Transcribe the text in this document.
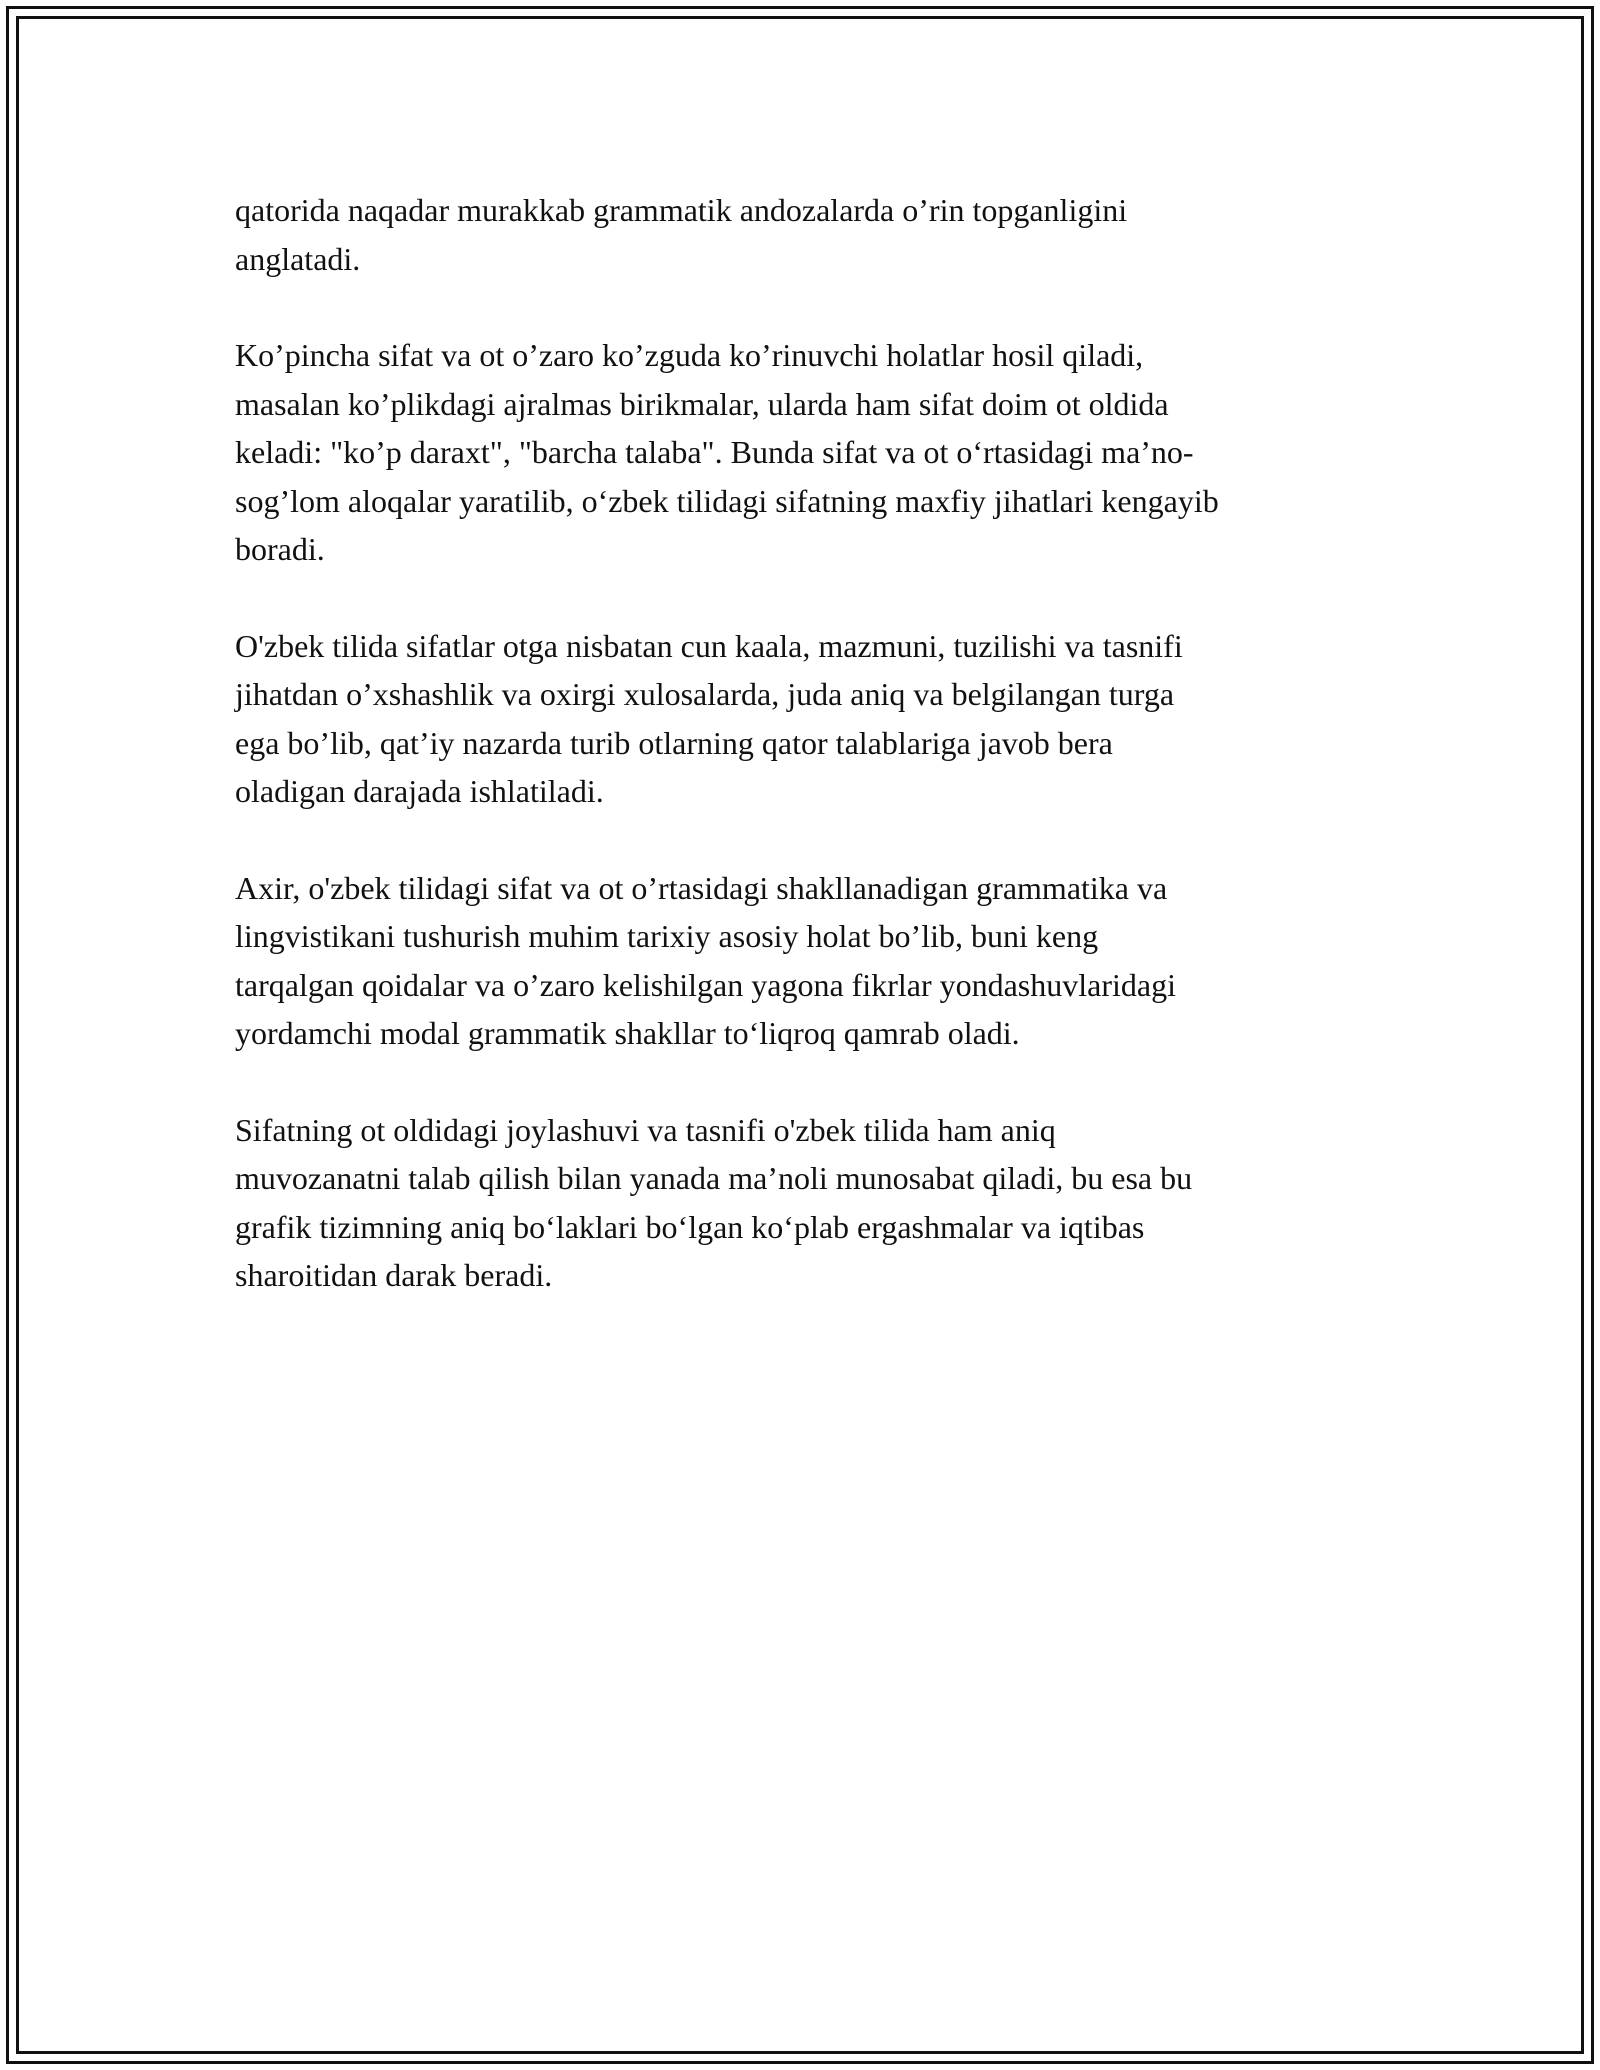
qatorida naqadar murakkab grammatik andozalarda o’rin topganligini
anglatadi.

Ko’pincha sifat va ot o’zaro ko’zguda ko’rinuvchi holatlar hosil qiladi,
masalan ko’plikdagi ajralmas birikmalar, ularda ham sifat doim ot oldida
keladi: "ko’p daraxt", "barcha talaba". Bunda sifat va ot o‘rtasidagi ma’no-
sog’lom aloqalar yaratilib, o‘zbek tilidagi sifatning maxfiy jihatlari kengayib
boradi.

O'zbek tilida sifatlar otga nisbatan cun kaala, mazmuni, tuzilishi va tasnifi
jihatdan o’xshashlik va oxirgi xulosalarda, juda aniq va belgilangan turga
ega bo’lib, qat’iy nazarda turib otlarning qator talablariga javob bera
oladigan darajada ishlatiladi.

Axir, o'zbek tilidagi sifat va ot o’rtasidagi shakllanadigan grammatika va
lingvistikani tushurish muhim tarixiy asosiy holat bo’lib, buni keng
tarqalgan qoidalar va o’zaro kelishilgan yagona fikrlar yondashuvlaridagi
yordamchi modal grammatik shakllar to‘liqroq qamrab oladi.

Sifatning ot oldidagi joylashuvi va tasnifi o'zbek tilida ham aniq
muvozanatni talab qilish bilan yanada ma’noli munosabat qiladi, bu esa bu
grafik tizimning aniq bo‘laklari bo‘lgan ko‘plab ergashmalar va iqtibas
sharoitidan darak beradi.
